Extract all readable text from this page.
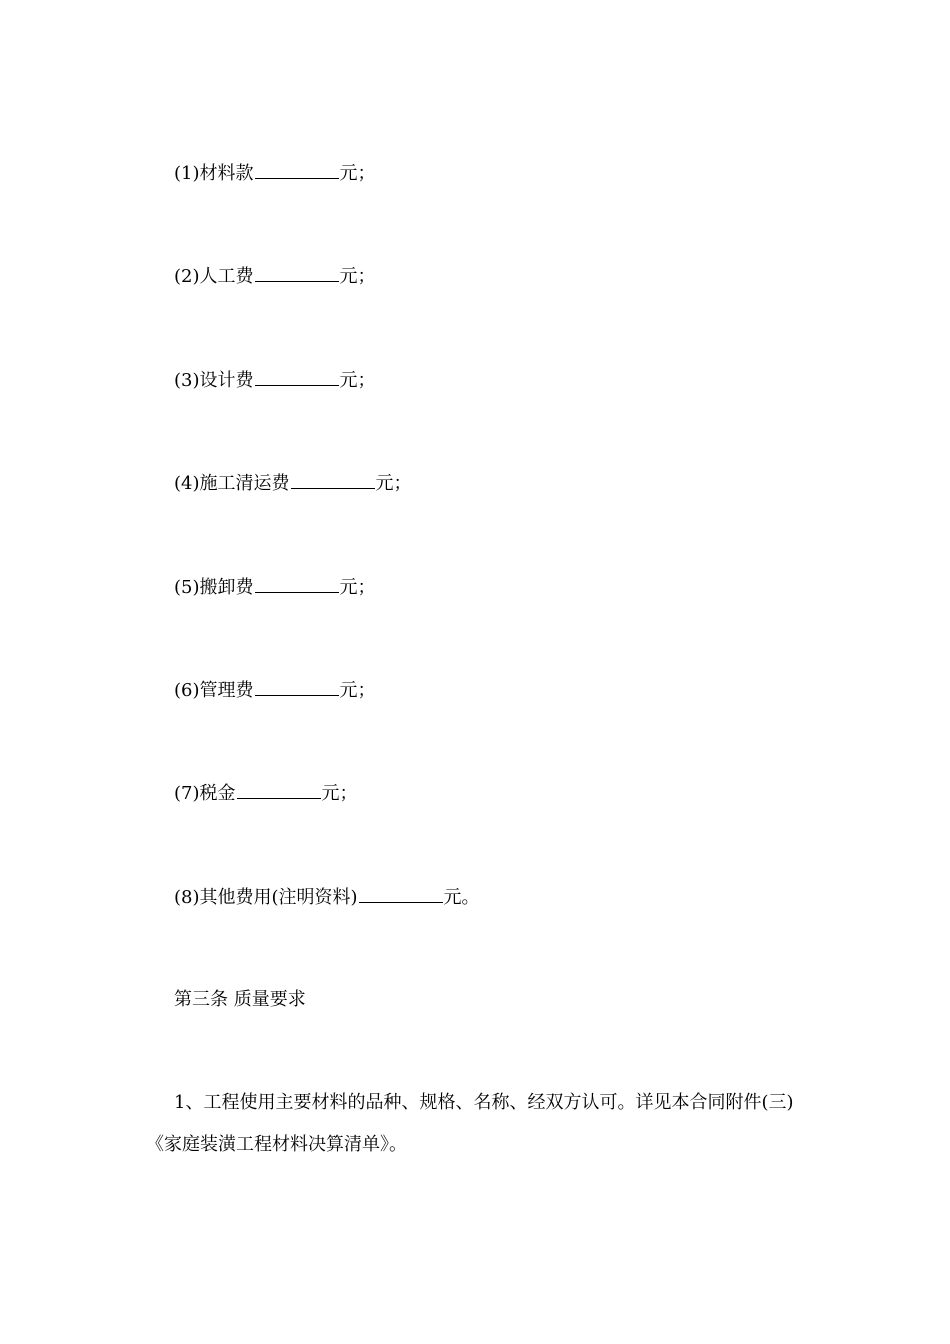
(1)材料款	元；
(2)人工费	元；
(3)设计费	元；
(4)施工清运费	元；
(5)搬卸费	元；
(6)管理费	元；
(7)税金	元；
(8)其他费用(注明资料)	元。
第三条 质量要求
1、工程使用主要材料的品种、规格、名称、经双方认可。详见本合同附件(三)《家庭装潢工程材料决算清单》。
